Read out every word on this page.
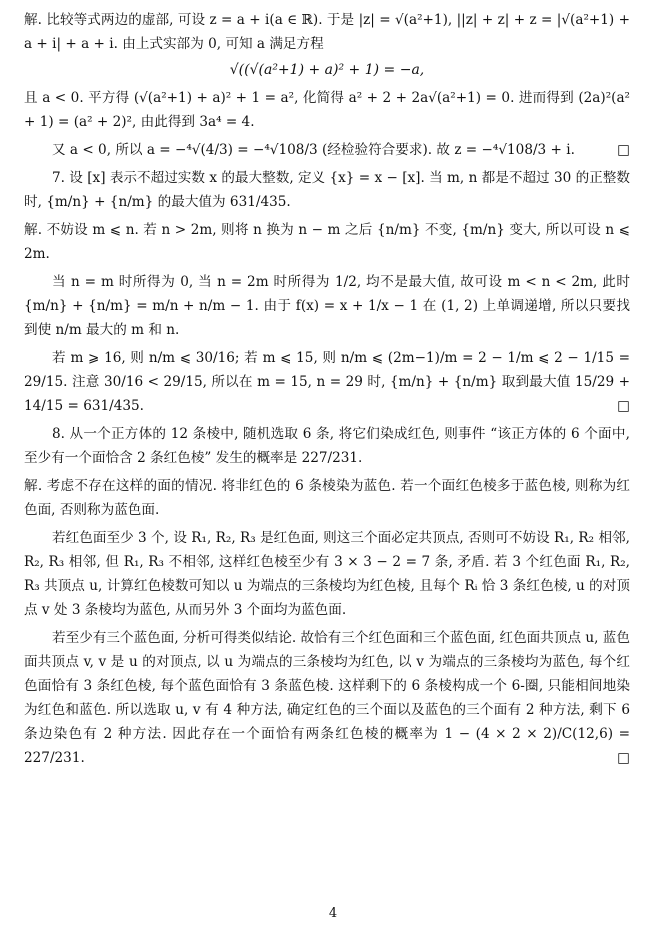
解. 比较等式两边的虚部, 可设 z = a + i(a ∈ ℝ). 于是 |z| = √(a²+1), ||z| + z| + z = |√(a²+1) + a + i| + a + i. 由上式实部为 0, 可知 a 满足方程

√((√(a²+1) + a)² + 1) = −a,

且 a < 0. 平方得 (√(a²+1) + a)² + 1 = a², 化简得 a² + 2 + 2a√(a²+1) = 0. 进而得到 (2a)²(a² + 1) = (a² + 2)², 由此得到 3a⁴ = 4.

又 a < 0, 所以 a = −⁴√(4/3) = −⁴√108/3 (经检验符合要求). 故 z = −⁴√108/3 + i.	□

7. 设 [x] 表示不超过实数 x 的最大整数, 定义 {x} = x − [x]. 当 m, n 都是不超过 30 的正整数时, {m/n} + {n/m} 的最大值为 631/435.

解. 不妨设 m ⩽ n. 若 n > 2m, 则将 n 换为 n − m 之后 {n/m} 不变, {m/n} 变大, 所以可设 n ⩽ 2m.

当 n = m 时所得为 0, 当 n = 2m 时所得为 1/2, 均不是最大值, 故可设 m < n < 2m, 此时 {m/n} + {n/m} = m/n + n/m − 1. 由于 f(x) = x + 1/x − 1 在 (1, 2) 上单调递增, 所以只要找到使 n/m 最大的 m 和 n.

若 m ⩾ 16, 则 n/m ⩽ 30/16; 若 m ⩽ 15, 则 n/m ⩽ (2m−1)/m = 2 − 1/m ⩽ 2 − 1/15 = 29/15. 注意 30/16 < 29/15, 所以在 m = 15, n = 29 时, {m/n} + {n/m} 取到最大值 15/29 + 14/15 = 631/435.	□

8. 从一个正方体的 12 条棱中, 随机选取 6 条, 将它们染成红色, 则事件 “该正方体的 6 个面中, 至少有一个面恰含 2 条红色棱” 发生的概率是 227/231.

解. 考虑不存在这样的面的情况. 将非红色的 6 条棱染为蓝色. 若一个面红色棱多于蓝色棱, 则称为红色面, 否则称为蓝色面.

若红色面至少 3 个, 设 R₁, R₂, R₃ 是红色面, 则这三个面必定共顶点, 否则可不妨设 R₁, R₂ 相邻, R₂, R₃ 相邻, 但 R₁, R₃ 不相邻, 这样红色棱至少有 3 × 3 − 2 = 7 条, 矛盾. 若 3 个红色面 R₁, R₂, R₃ 共顶点 u, 计算红色棱数可知以 u 为端点的三条棱均为红色棱, 且每个 Rᵢ 恰 3 条红色棱, u 的对顶点 v 处 3 条棱均为蓝色, 从而另外 3 个面均为蓝色面.

若至少有三个蓝色面, 分析可得类似结论. 故恰有三个红色面和三个蓝色面, 红色面共顶点 u, 蓝色面共顶点 v, v 是 u 的对顶点, 以 u 为端点的三条棱均为红色, 以 v 为端点的三条棱均为蓝色, 每个红色面恰有 3 条红色棱, 每个蓝色面恰有 3 条蓝色棱. 这样剩下的 6 条棱构成一个 6-圈, 只能相间地染为红色和蓝色. 所以选取 u, v 有 4 种方法, 确定红色的三个面以及蓝色的三个面有 2 种方法, 剩下 6 条边染色有 2 种方法. 因此存在一个面恰有两条红色棱的概率为 1 − (4 × 2 × 2)/C(12,6) = 227/231.	□

4
